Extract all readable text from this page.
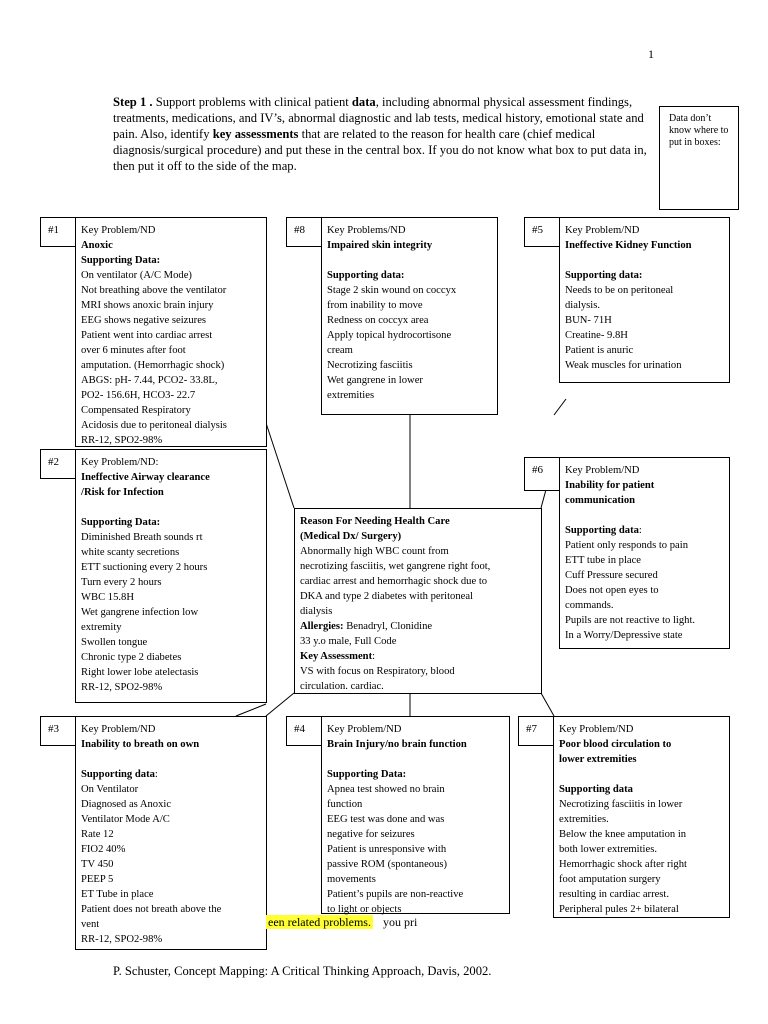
1
Step 1 . Support problems with clinical patient data, including abnormal physical assessment findings, treatments, medications, and IV’s, abnormal diagnostic and lab tests, medical history, emotional state and pain. Also, identify key assessments that are related to the reason for health care (chief medical diagnosis/surgical procedure) and put these in the central box. If you do not know what box to put data in, then put it off to the side of the map.
Data don’t know where to put in boxes:
#1	Key Problem/ND
Anoxic
Supporting Data:
On ventilator (A/C Mode)
Not breathing above the ventilator
MRI shows anoxic brain injury
EEG shows negative seizures
Patient went into cardiac arrest
over 6 minutes after foot
amputation. (Hemorrhagic shock)
ABGS: pH- 7.44, PCO2- 33.8L,
PO2- 156.6H, HCO3- 22.7
Compensated Respiratory
Acidosis due to peritoneal dialysis
RR-12, SPO2-98%
#8	Key Problems/ND
Impaired skin integrity
Supporting data:
Stage 2 skin wound on coccyx
from inability to move
Redness on coccyx area
Apply topical hydrocortisone
cream
Necrotizing fasciitis
Wet gangrene in lower
extremities
#5	Key Problem/ND
Ineffective Kidney Function
Supporting data:
Needs to be on peritoneal
dialysis.
BUN- 71H
Creatine- 9.8H
Patient is anuric
Weak muscles for urination
#2	Key Problem/ND:
Ineffective Airway clearance
/Risk for Infection
Supporting Data:
Diminished Breath sounds rt
white scanty secretions
ETT suctioning every 2 hours
Turn every 2 hours
WBC 15.8H
Wet gangrene infection low
extremity
Swollen tongue
Chronic type 2 diabetes
Right lower lobe atelectasis
RR-12, SPO2-98%
#6	Key Problem/ND
Inability for patient
communication
Supporting data:
Patient only responds to pain
ETT tube in place
Cuff Pressure secured
Does not open eyes to
commands.
Pupils are not reactive to light.
In a Worry/Depressive state
Reason For Needing Health Care
(Medical Dx/ Surgery)
Abnormally high WBC count from
necrotizing fasciitis, wet gangrene right foot,
cardiac arrest and hemorrhagic shock due to
DKA and type 2 diabetes with peritoneal
dialysis
Allergies: Benadryl, Clonidine
33 y.o male, Full Code
Key Assessment:
VS with focus on Respiratory, blood
circulation. cardiac.
#3	Key Problem/ND
Inability to breath on own
Supporting data:
On Ventilator
Diagnosed as Anoxic
Ventilator Mode A/C
Rate 12
FIO2 40%
TV 450
PEEP 5
ET Tube in place
Patient does not breath above the
vent
RR-12, SPO2-98%
een related problems. you pri
#4	Key Problem/ND
Brain Injury/no brain function
Supporting Data:
Apnea test showed no brain
function
EEG test was done and was
negative for seizures
Patient is unresponsive with
passive ROM (spontaneous)
movements
Patient’s pupils are non-reactive
to light or objects
#7	Key Problem/ND
Poor blood circulation to
lower extremities
Supporting data
Necrotizing fasciitis in lower
extremities.
Below the knee amputation in
both lower extremities.
Hemorrhagic shock after right
foot amputation surgery
resulting in cardiac arrest.
Peripheral pules 2+ bilateral
P. Schuster, Concept Mapping: A Critical Thinking Approach, Davis, 2002.
